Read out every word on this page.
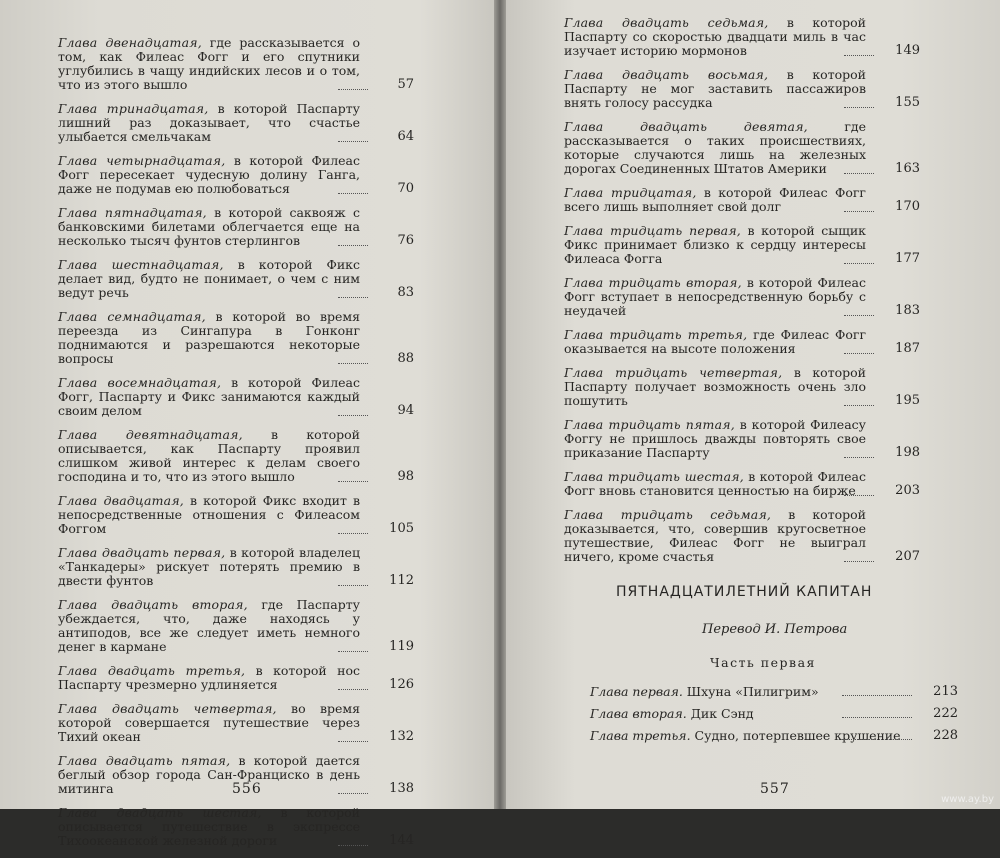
Глава двенадцатая, где рассказывается о том, как Филеас Фогг и его спутники углубились в чащу индийских лесов и о том, что из этого вышло	57
Глава тринадцатая, в которой Паспарту лишний раз доказывает, что счастье улыбается смельчакам	64
Глава четырнадцатая, в которой Филеас Фогг пересекает чудесную долину Ганга, даже не подумав ею полюбоваться	70
Глава пятнадцатая, в которой саквояж с банковскими билетами облегчается еще на несколько тысяч фунтов стерлингов	76
Глава шестнадцатая, в которой Фикс делает вид, будто не понимает, о чем с ним ведут речь	83
Глава семнадцатая, в которой во время переезда из Сингапура в Гонконг поднимаются и разрешаются некоторые вопросы	88
Глава восемнадцатая, в которой Филеас Фогг, Паспарту и Фикс занимаются каждый своим делом	94
Глава девятнадцатая, в которой описывается, как Паспарту проявил слишком живой интерес к делам своего господина и то, что из этого вышло	98
Глава двадцатая, в которой Фикс входит в непосредственные отношения с Филеасом Фоггом	105
Глава двадцать первая, в которой владелец «Танкадеры» рискует потерять премию в двести фунтов	112
Глава двадцать вторая, где Паспарту убеждается, что, даже находясь у антиподов, все же следует иметь немного денег в кармане	119
Глава двадцать третья, в которой нос Паспарту чрезмерно удлиняется	126
Глава двадцать четвертая, во время которой совершается путешествие через Тихий океан	132
Глава двадцать пятая, в которой дается беглый обзор города Сан-Франциско в день митинга	138
Глава двадцать шестая, в которой описывается путешествие в экспрессе Тихоокеанской железной дороги	144
556
Глава двадцать седьмая, в которой Паспарту со скоростью двадцати миль в час изучает историю мормонов	149
Глава двадцать восьмая, в которой Паспарту не мог заставить пассажиров внять голосу рассудка	155
Глава двадцать девятая, где рассказывается о таких происшествиях, которые случаются лишь на железных дорогах Соединенных Штатов Америки	163
Глава тридцатая, в которой Филеас Фогг всего лишь выполняет свой долг	170
Глава тридцать первая, в которой сыщик Фикс принимает близко к сердцу интересы Филеаса Фогга	177
Глава тридцать вторая, в которой Филеас Фогг вступает в непосредственную борьбу с неудачей	183
Глава тридцать третья, где Филеас Фогг оказывается на высоте положения	187
Глава тридцать четвертая, в которой Паспарту получает возможность очень зло пошутить	195
Глава тридцать пятая, в которой Филеасу Фоггу не пришлось дважды повторять свое приказание Паспарту	198
Глава тридцать шестая, в которой Филеас Фогг вновь становится ценностью на бирже	203
Глава тридцать седьмая, в которой доказывается, что, совершив кругосветное путешествие, Филеас Фогг не выиграл ничего, кроме счастья	207
ПЯТНАДЦАТИЛЕТНИЙ КАПИТАН
Перевод И. Петрова
Часть первая
Глава первая. Шхуна «Пилигрим»	213
Глава вторая. Дик Сэнд	222
Глава третья. Судно, потерпевшее крушение	228
557
www.ay.by
